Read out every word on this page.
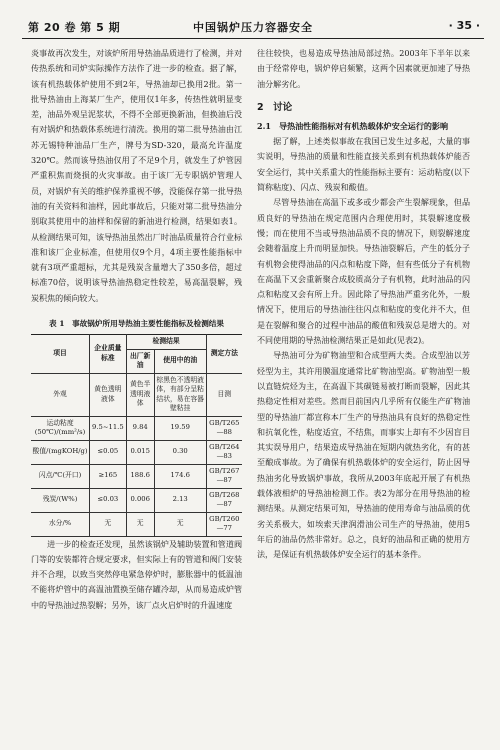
第 20 卷 第 5 期	中国锅炉压力容器安全	· 35 ·

炎事故再次发生，对该炉所用导热油品质进行了检测，并对传热系统和司炉实际操作方法作了进一步的检查。据了解，该有机热载体炉使用不到2年，导热油却已换用2批。第一批导热油由上海某厂生产，使用仅1年多，传热性就明显变差，油品外观呈泥浆状，不得不全部更换新油，但换油后没有对锅炉和热载体系统进行清洗。换用的第二批导热油由江苏无锡特种油品厂生产，牌号为SD-320，最高允许温度320℃。然而该导热油仅用了不足9个月，就发生了炉管因严重积焦而烧损的火灾事故。由于该厂无专职锅炉管理人员，对锅炉有关的维护保养重视不够，没能保存第一批导热油的有关资料和油样，因此事故后，只能对第二批导热油分别取其使用中的油样和保留的新油进行检测，结果如表1。从检测结果可知，该导热油虽然出厂时油品质量符合行业标准和该厂企业标准，但使用仅9个月，4项主要性能指标中就有3项严重超标，尤其是残炭含量增大了350多倍，超过标准70倍，说明该导热油热稳定性较差，易高温裂解，残炭积焦的倾向较大。

表 1　事故锅炉所用导热油主要性能指标及检测结果
项目	企业质量标准	检测结果		测定方法
		出厂新油	使用中的油	
外观	黄色透明液体	黄色半透明液体	棕黑色不透明液体，有部分呈粘结状，易在容器壁粘挂	目测
运动粘度(50℃)/(mm²/s)	9.5~11.5	9.84	19.59	GB/T265—88
酸值/(mgKOH/g)	≤0.05	0.015	0.30	GB/T264—83
闪点/℃(开口)	≥165	188.6	174.6	GB/T267—87
残炭/(W%)	≤0.03	0.006	2.13	GB/T268—87
水分/%	无	无	无	GB/T260—77

进一步的检查还发现，虽然该锅炉及辅助装置和管道阀门等的安装都符合规定要求，但实际上有的管道和阀门安装并不合理，以致当突然停电紧急停炉时，膨胀器中的低温油不能将炉管中的高温油置换至储存罐冷却，从而易造成炉管中的导热油过热裂解；另外，该厂点火启炉时的升温速度

往往较快，也易造成导热油局部过热。2003年下半年以来由于经常停电，锅炉停启频繁，这两个因素就更加速了导热油分解劣化。

2　讨论

2.1　导热油性能指标对有机热载体炉安全运行的影响

据了解，上述类似事故在我国已发生过多起，大量的事实说明，导热油的质量和性能直接关系到有机热载体炉能否安全运行，其中关系重大的性能指标主要有：运动粘度(以下简称粘度)、闪点、残炭和酸值。

尽管导热油在高温下或多或少都会产生裂解现象，但品质良好的导热油在规定范围内合理使用时，其裂解速度极慢；而在使用不当或导热油品质不良的情况下，则裂解速度会随着温度上升而明显加快。导热油裂解后，产生的低分子有机物会使得油品的闪点和粘度下降，但有些低分子有机物在高温下又会重新聚合成胶质高分子有机物，此时油品的闪点和粘度又会有所上升。因此除了导热油严重劣化外，一般情况下，使用后的导热油往往闪点和粘度的变化并不大，但是在裂解和聚合的过程中油品的酸值和残炭总是增大的。对不同使用期的导热油检测结果正是如此(见表2)。

导热油可分为矿物油型和合成型两大类。合成型油以芳烃型为主，其许用膜温度通常比矿物油型高。矿物油型一般以直链烷烃为主，在高温下其碳链易被打断而裂解，因此其热稳定性相对差些。然而目前国内几乎所有仅能生产矿物油型的导热油厂都宣称本厂生产的导热油具有良好的热稳定性和抗氧化性，粘度适宜，不结焦，而事实上却有不少因盲目其实误导用户，结果造成导热油在短期内就热劣化，有的甚至酿成事故。为了确保有机热载体炉的安全运行，防止因导热油劣化导致锅炉事故，我所从2003年底起开展了有机热载体液相炉的导热油检测工作。表2为部分在用导热油的检测结果。从测定结果可知，导热油的使用寿命与油品质的优劣关系极大，如埃索天津润滑油公司生产的导热油，使用5年后的油品仍然非常好。总之，良好的油品和正确的使用方法，是保证有机热载体炉安全运行的基本条件。
